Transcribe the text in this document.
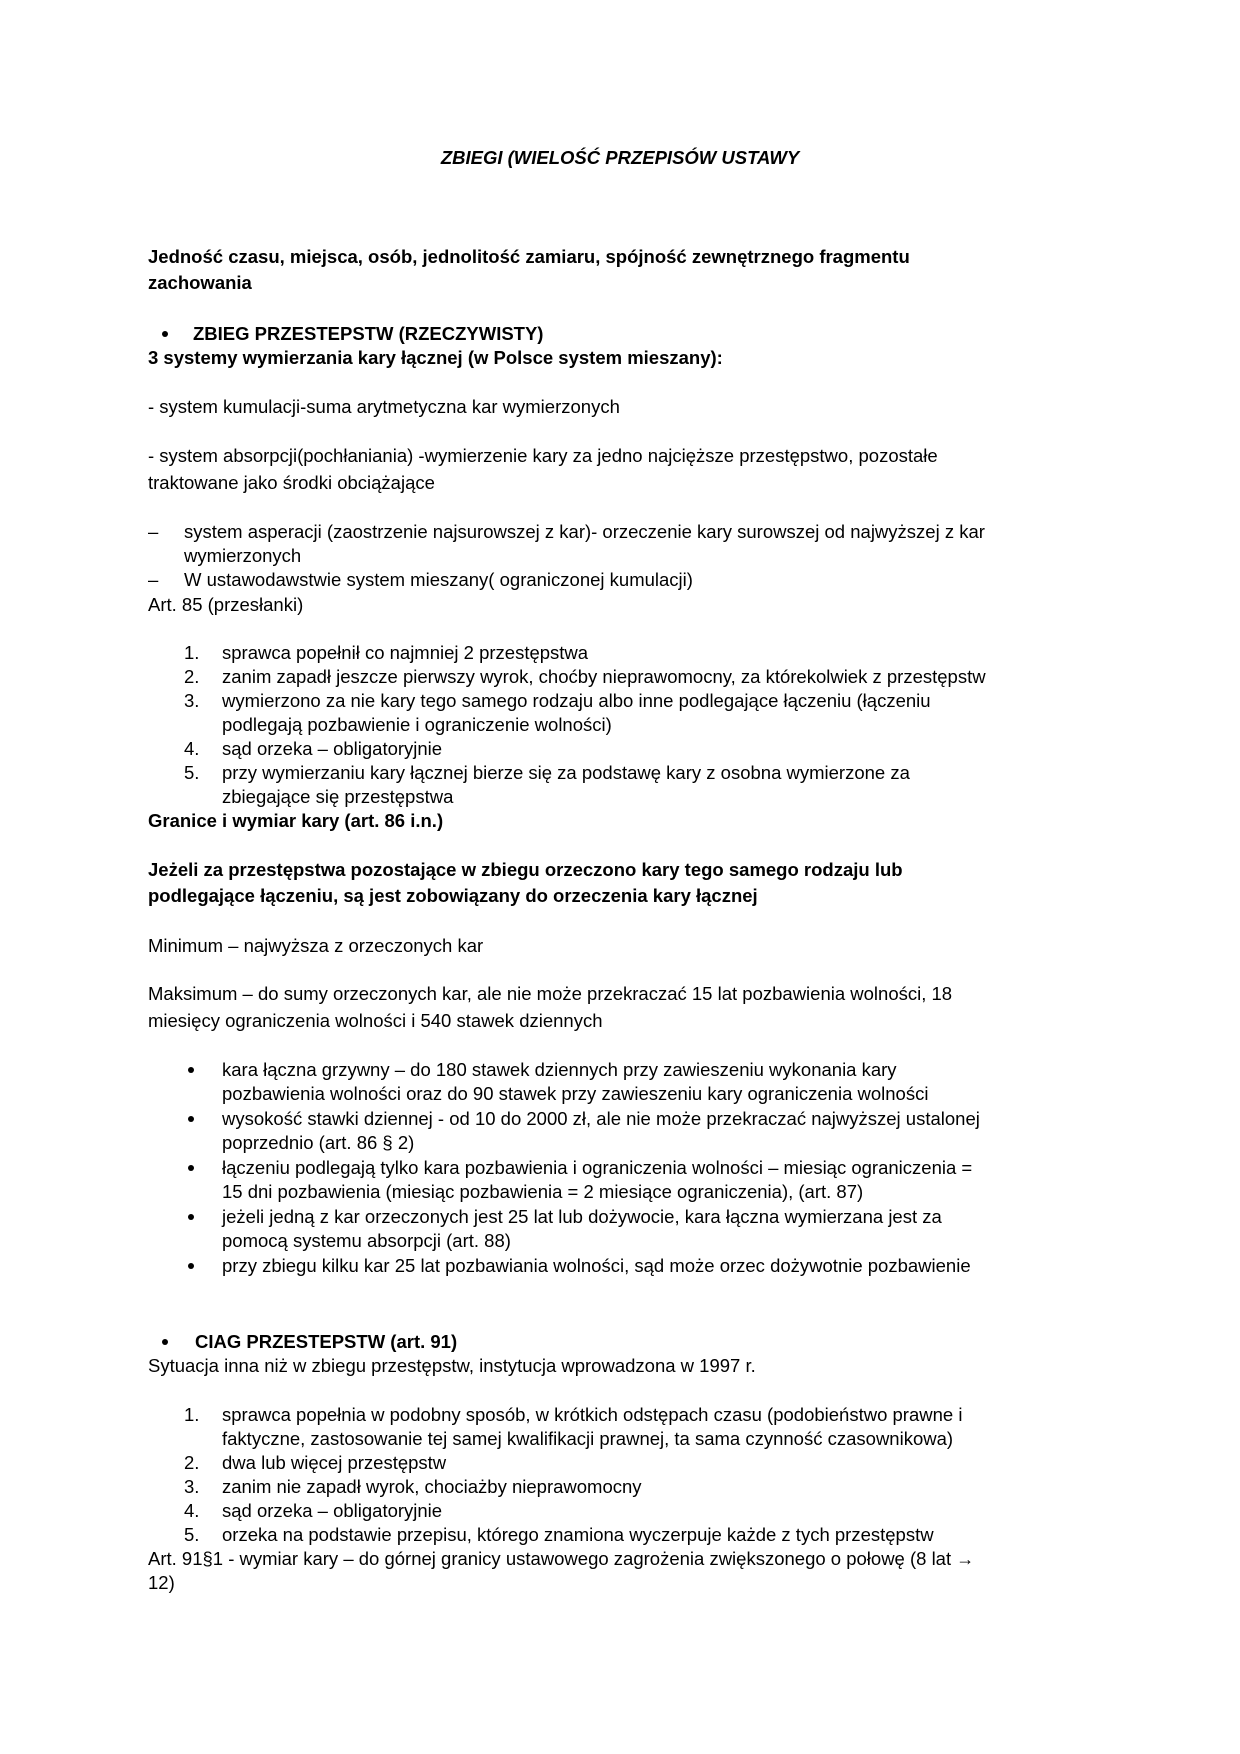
ZBIEGI (WIELOŚĆ PRZEPISÓW USTAWY
Jedność czasu, miejsca, osób, jednolitość zamiaru, spójność zewnętrznego fragmentu
zachowania
ZBIEG PRZESTEPSTW (RZECZYWISTY)
3 systemy wymierzania kary łącznej (w Polsce system mieszany):
- system kumulacji-suma arytmetyczna kar wymierzonych
- system absorpcji(pochłaniania) -wymierzenie kary za jedno najcięższe przestępstwo, pozostałe
traktowane jako środki obciążające
– system asperacji (zaostrzenie najsurowszej z kar)- orzeczenie kary surowszej od najwyższej z kar
wymierzonych
– W ustawodawstwie system mieszany( ograniczonej kumulacji)
Art. 85 (przesłanki)
1. sprawca popełnił co najmniej 2 przestępstwa
2. zanim zapadł jeszcze pierwszy wyrok, choćby nieprawomocny, za którekolwiek z przestępstw
3. wymierzono za nie kary tego samego rodzaju albo inne podlegające łączeniu (łączeniu
podlegają pozbawienie i ograniczenie wolności)
4. sąd orzeka – obligatoryjnie
5. przy wymierzaniu kary łącznej bierze się za podstawę kary z osobna wymierzone za
zbiegające się przestępstwa
Granice i wymiar kary (art. 86 i.n.)
Jeżeli za przestępstwa pozostające w zbiegu orzeczono kary tego samego rodzaju lub
podlegające łączeniu, są jest zobowiązany do orzeczenia kary łącznej
Minimum – najwyższa z orzeczonych kar
Maksimum – do sumy orzeczonych kar, ale nie może przekraczać 15 lat pozbawienia wolności, 18
miesięcy ograniczenia wolności i 540 stawek dziennych
kara łączna grzywny – do 180 stawek dziennych przy zawieszeniu wykonania kary
pozbawienia wolności oraz do 90 stawek przy zawieszeniu kary ograniczenia wolności
wysokość stawki dziennej - od 10 do 2000 zł, ale nie może przekraczać najwyższej ustalonej
poprzednio (art. 86 § 2)
łączeniu podlegają tylko kara pozbawienia i ograniczenia wolności – miesiąc ograniczenia =
15 dni pozbawienia (miesiąc pozbawienia = 2 miesiące ograniczenia), (art. 87)
jeżeli jedną z kar orzeczonych jest 25 lat lub dożywocie, kara łączna wymierzana jest za
pomocą systemu absorpcji (art. 88)
przy zbiegu kilku kar 25 lat pozbawiania wolności, sąd może orzec dożywotnie pozbawienie
CIAG PRZESTEPSTW (art. 91)
Sytuacja inna niż w zbiegu przestępstw, instytucja wprowadzona w 1997 r.
1. sprawca popełnia w podobny sposób, w krótkich odstępach czasu (podobieństwo prawne i
faktyczne, zastosowanie tej samej kwalifikacji prawnej, ta sama czynność czasownikowa)
2. dwa lub więcej przestępstw
3. zanim nie zapadł wyrok, chociażby nieprawomocny
4. sąd orzeka – obligatoryjnie
5. orzeka na podstawie przepisu, którego znamiona wyczerpuje każde z tych przestępstw
Art. 91§1 - wymiar kary – do górnej granicy ustawowego zagrożenia zwiększonego o połowę (8 lat →
12)
